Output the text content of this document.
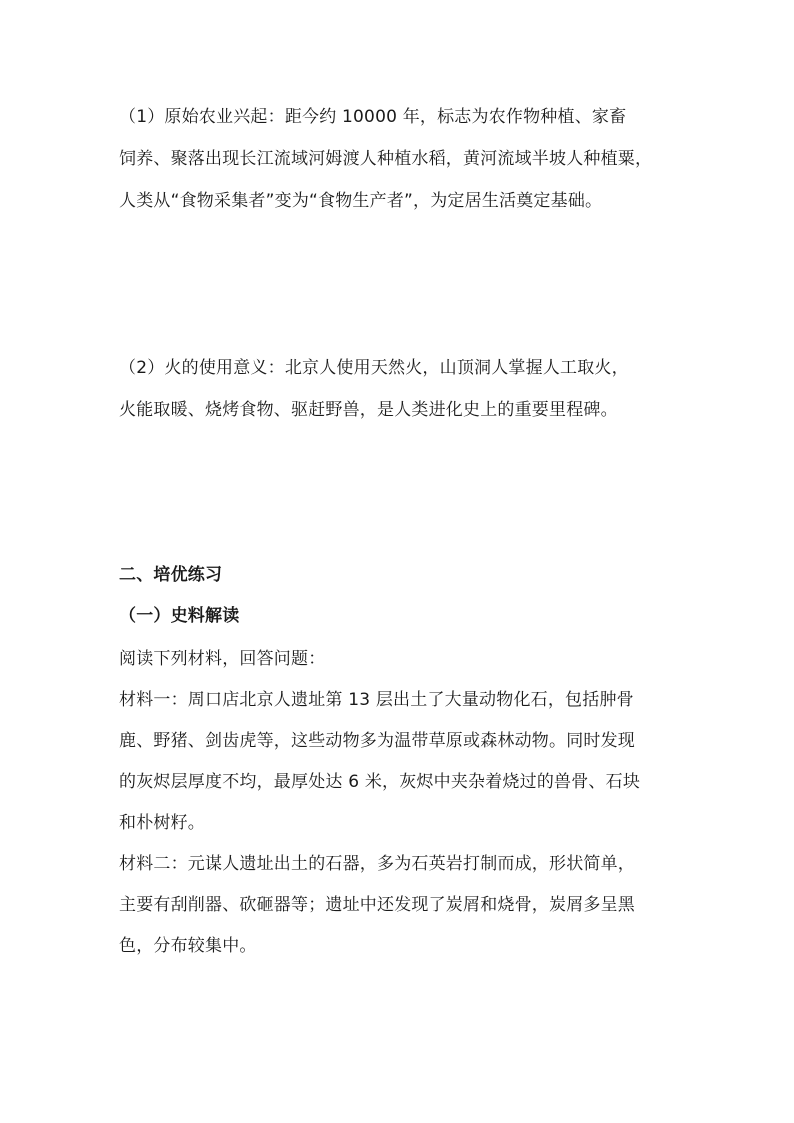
（1）原始农业兴起：距今约 10000 年，标志为农作物种植、家畜
饲养、聚落出现长江流域河姆渡人种植水稻，黄河流域半坡人种植粟，
人类从“食物采集者”变为“食物生产者”，为定居生活奠定基础。
（2）火的使用意义：北京人使用天然火，山顶洞人掌握人工取火，
火能取暖、烧烤食物、驱赶野兽，是人类进化史上的重要里程碑。
二、培优练习
（一）史料解读
阅读下列材料，回答问题：
材料一：周口店北京人遗址第 13 层出土了大量动物化石，包括肿骨
鹿、野猪、剑齿虎等，这些动物多为温带草原或森林动物。同时发现
的灰烬层厚度不均，最厚处达 6 米，灰烬中夹杂着烧过的兽骨、石块
和朴树籽。
材料二：元谋人遗址出土的石器，多为石英岩打制而成，形状简单，
主要有刮削器、砍砸器等；遗址中还发现了炭屑和烧骨，炭屑多呈黑
色，分布较集中。
